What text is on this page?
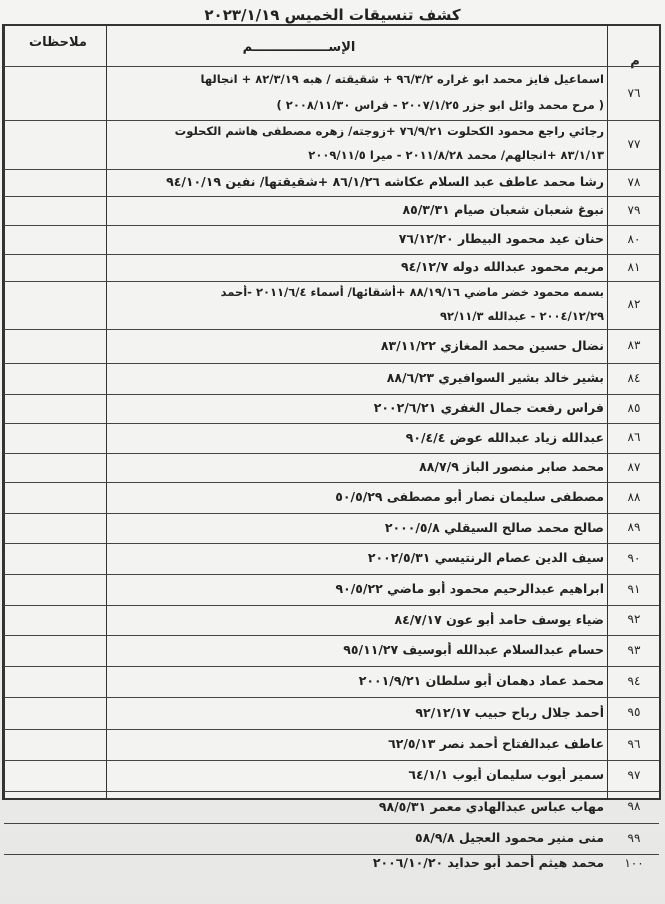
كشف تنسيقات الخميس ٢٠٢٣/١/١٩
ملاحظات	الإســـــــــــــــــم
م
٧٦
اسماعيل فايز محمد ابو غراره ٩٦/٣/٢ + شقيقته / هبه ٨٢/٣/١٩ + انجالها
( مرح محمد وائل ابو جزر ٢٠٠٧/١/٢٥ - فراس ٢٠٠٨/١١/٣٠ )
٧٧
رجائي راجع محمود الكحلوت ٧٦/٩/٢١ +زوجته/ زهره مصطفى هاشم الكحلوت
٨٣/١/١٣ +انجالهم/ محمد ٢٠١١/٨/٢٨ - ميرا ٢٠٠٩/١١/٥
٧٨
رشا محمد عاطف عبد السلام عكاشه ٨٦/١/٢٦ +شقيقتها/ نفين ٩٤/١٠/١٩
٧٩
نبوغ شعبان شعبان صيام ٨٥/٣/٣١
٨٠
حنان عيد محمود البيطار ٧٦/١٢/٢٠
٨١
مريم محمود عبدالله دوله ٩٤/١٢/٧
٨٢
بسمه محمود خضر ماضي ٨٨/١٩/١٦ +أشقائها/ أسماء ٢٠١١/٦/٤ -أحمد
٢٠٠٤/١٢/٢٩ - عبدالله ٩٢/١١/٣
٨٣
نضال حسين محمد المغازي ٨٣/١١/٢٢
٨٤
بشير خالد بشير السوافيري ٨٨/٦/٢٣
٨٥
فراس رفعت جمال الغفري ٢٠٠٢/٦/٢١
٨٦
عبدالله زياد عبدالله عوض ٩٠/٤/٤
٨٧
محمد صابر منصور الباز ٨٨/٧/٩
٨٨
مصطفى سليمان نصار أبو مصطفى ٥٠/٥/٢٩
٨٩
صالح محمد صالح السيقلي ٢٠٠٠/٥/٨
٩٠
سيف الدين عصام الرنتيسي ٢٠٠٢/٥/٣١
٩١
ابراهيم عبدالرحيم محمود أبو ماضي ٩٠/٥/٢٢
٩٢
ضياء يوسف حامد أبو عون ٨٤/٧/١٧
٩٣
حسام عبدالسلام عبدالله أبوسيف ٩٥/١١/٢٧
٩٤
محمد عماد دهمان أبو سلطان ٢٠٠١/٩/٢١
٩٥
أحمد جلال رباح حبيب ٩٢/١٢/١٧
٩٦
عاطف عبدالفتاح أحمد نصر ٦٢/٥/١٣
٩٧
سمير أيوب سليمان أيوب ٦٤/١/١
٩٨
مهاب عباس عبدالهادي معمر ٩٨/٥/٣١
٩٩
منى منير محمود العجيل ٥٨/٩/٨
١٠٠
محمد هيثم أحمد أبو حدايد ٢٠٠٦/١٠/٢٠
